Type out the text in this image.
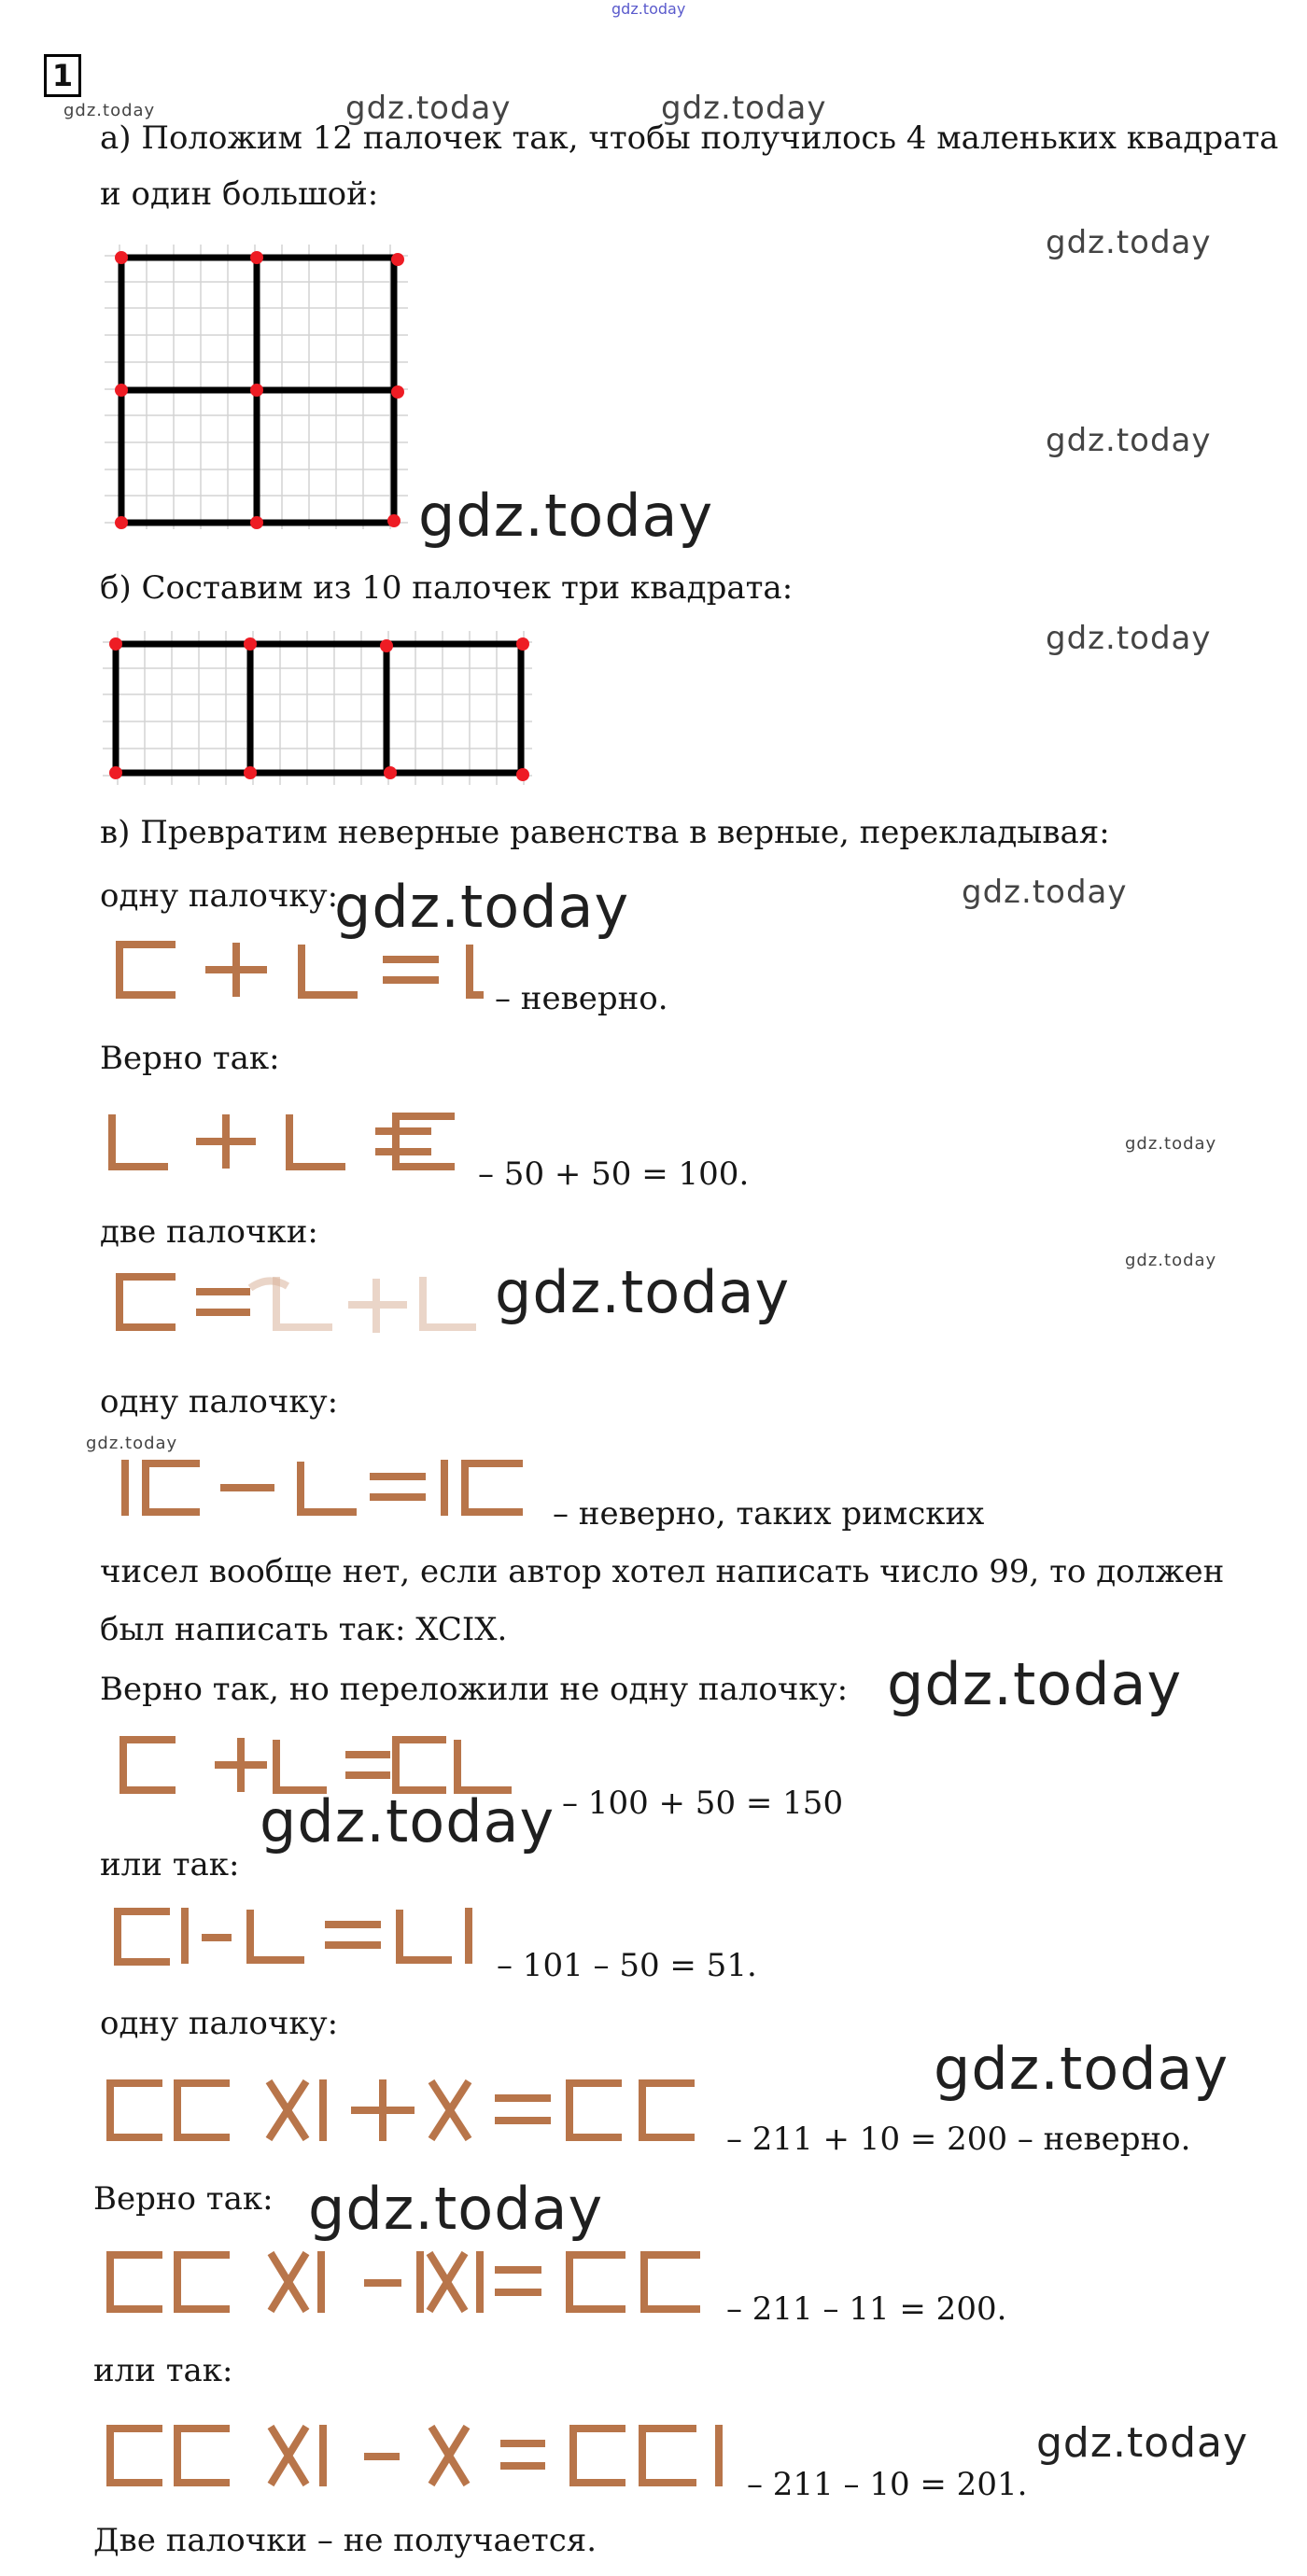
gdz.today
1
gdz.today	gdz.today	gdz.today
gdz.today
gdz.today
gdz.today
gdz.today
gdz.today	gdz.today
gdz.today
gdz.today
gdz.today
gdz.today
gdz.today
gdz.today
gdz.today
gdz.today
gdz.today
а) Положим 12 палочек так, чтобы получилось 4 маленьких квадрата
и один большой:
б) Составим из 10 палочек три квадрата:
в) Превратим неверные равенства в верные, перекладывая:
одну палочку:
– неверно.
Верно так:
– 50 + 50 = 100.
две палочки:
одну палочку:
– неверно, таких римских
чисел вообще нет, если автор хотел написать число 99, то должен
был написать так: XCIX.
Верно так, но переложили не одну палочку:
– 100 + 50 = 150
или так:
– 101 – 50 = 51.
одну палочку:
– 211 + 10 = 200 – неверно.
Верно так:
– 211 – 11 = 200.
или так:
– 211 – 10 = 201.
Две палочки – не получается.
